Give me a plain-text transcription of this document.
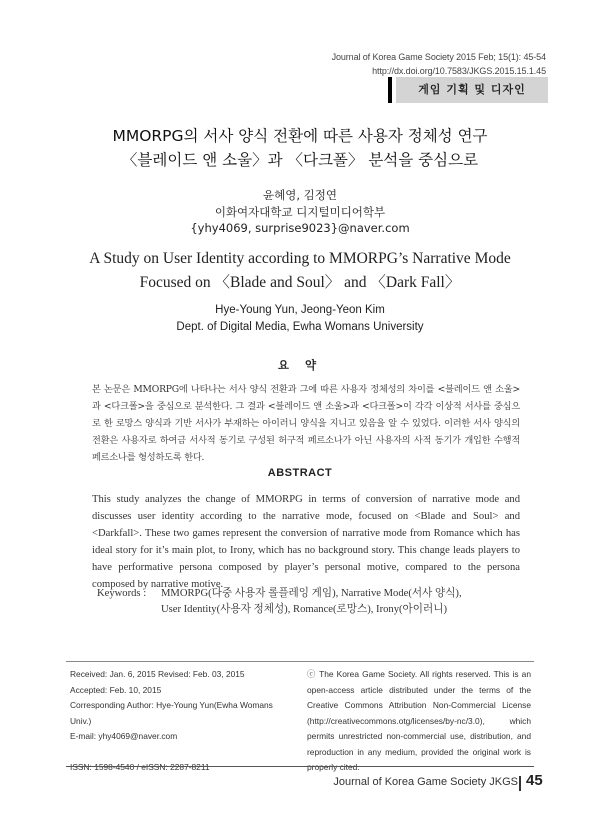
Journal of Korea Game Society 2015 Feb; 15(1): 45-54
http://dx.doi.org/10.7583/JKGS.2015.15.1.45
게임 기획 및 디자인
MMORPG의 서사 양식 전환에 따른 사용자 정체성 연구
〈블레이드 앤 소울〉과 〈다크폴〉 분석을 중심으로
윤혜영, 김정연
이화여자대학교 디지털미디어학부
{yhy4069, surprise9023}@naver.com
A Study on User Identity according to MMORPG’s Narrative Mode
Focused on 〈Blade and Soul〉 and 〈Dark Fall〉
Hye-Young Yun, Jeong-Yeon Kim
Dept. of Digital Media, Ewha Womans University
요 약
본 논문은 MMORPG에 나타나는 서사 양식 전환과 그에 따른 사용자 정체성의 차이를 <블레이드 앤 소울>과 <다크폴>을 중심으로 분석한다. 그 결과 <블레이드 앤 소울>과 <다크폴>이 각각 이상적 서사를 중심으로 한 로망스 양식과 기반 서사가 부재하는 아이러니 양식을 지니고 있음을 알 수 있었다. 이러한 서사 양식의 전환은 사용자로 하여금 서사적 동기로 구성된 허구적 페르소나가 아닌 사용자의 사적 동기가 개입한 수행적 페르소나를 형성하도록 한다.
ABSTRACT
This study analyzes the change of MMORPG in terms of conversion of narrative mode and discusses user identity according to the narrative mode, focused on <Blade and Soul> and <Darkfall>. These two games represent the conversion of narrative mode from Romance which has ideal story for it’s main plot, to Irony, which has no background story. This change leads players to have performative persona composed by player’s personal motive, compared to the persona composed by narrative motive.
Keywords : MMORPG(다중 사용자 롤플레잉 게임), Narrative Mode(서사 양식),
User Identity(사용자 정체성), Romance(로망스), Irony(아이러니)
Received: Jan. 6, 2015 Revised: Feb. 03, 2015
Accepted: Feb. 10, 2015
Corresponding Author: Hye-Young Yun(Ewha Womans Univ.)
E-mail: yhy4069@naver.com
ISSN: 1598-4540 / eISSN: 2287-8211
ⓒ The Korea Game Society. All rights reserved. This is an open-access article distributed under the terms of the Creative Commons Attribution Non-Commercial License (http://creativecommons.otg/licenses/by-nc/3.0), which permits unrestricted non-commercial use, distribution, and reproduction in any medium, provided the original work is properly cited.
Journal of Korea Game Society JKGS 45
